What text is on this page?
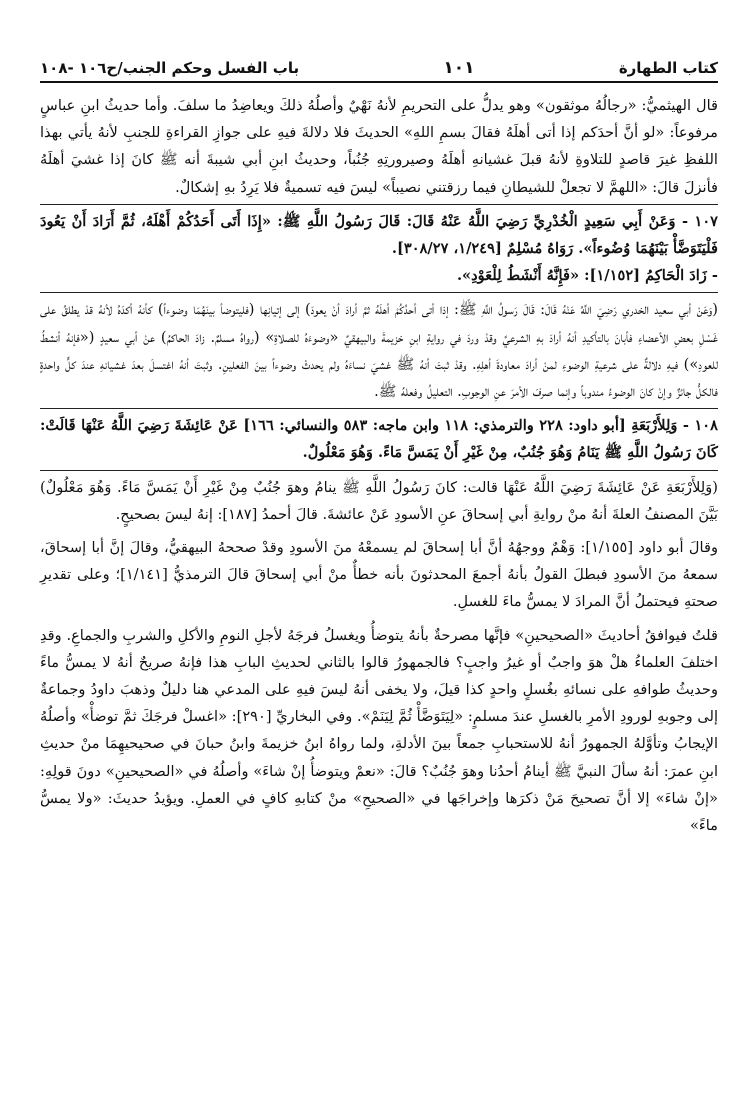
كتاب الطهارة
١٠١
باب الفسل وحكم الجنب/ح١٠٦ -١٠٨

قال الهيثميُّ: «رجالُهُ موثقون» وهو يدلُّ على التحريمِ لأنهُ نَهْيٌ وأصلُهُ ذلكَ ويعاضِدُ ما سلفَ. وأما حديثُ ابنِ عباسٍ مرفوعاً: «لو أنَّ أحدَكم إذا أتى أهلَهُ فقالَ بسمِ اللهِ» الحديثَ فلا دلالةَ فيهِ على جوازِ القراءةِ للجنبِ لأنهُ يأتي بهذا اللفظِ غيرَ قاصدٍ للتلاوةِ لأنهُ قبلَ غشيانهِ أهلَهُ وصيرورتِهِ جُنُباً، وحديثُ ابنِ أبي شيبةَ أنه ﷺ كانَ إذا غشيَ أهلَهُ فأنزلَ قالَ: «اللهمَّ لا تجعلْ للشيطانِ فيما رزقتني نصيباً» ليسَ فيه تسميةٌ فلا يَرِدُ بهِ إشكالٌ.

١٠٧ - وَعَنْ أَبِي سَعِيدٍ الْخُدْرِيِّ رَضِيَ اللَّهُ عَنْهُ قَالَ: قَالَ رَسُولُ اللَّهِ ﷺ: «إِذَا أَتَى أَحَدُكُمْ أَهْلَهُ، ثُمَّ أَرَادَ أَنْ يَعُودَ فَلْيَتَوَضَّأْ بَيْنَهُمَا وُضُوءاً». رَوَاهُ مُسْلِمٌ [١/٢٤٩، ٣٠٨/٢٧].

- زَادَ الْحَاكِمُ [١/١٥٢]: «فَإِنَّهُ أَنْشَطُ لِلْعَوْدِ».

(وَعَنْ أبي سعيد الخدري رَضِيَ اللَّهُ عَنْهُ قَالَ: قَالَ رَسولُ اللَّهِ ﷺ: إذا أتى أحدُكُمْ أهلَهُ ثمَّ أرادَ أنْ يعودَ) إلى إتيانِها (فليتوضأ بينَهُمَا وضوءاً) كأنهُ أكدَهُ لأنهُ قدْ يطلقُ على غَسْلِ بعضِ الأعضاءِ فأبانَ بالتأكيدِ أنهُ أرادَ بهِ الشرعيَّ وقدْ وردَ في روايةِ ابنِ خزيمةَ والبيهقيِّ «وضوءَهُ للصلاةِ» (رواهُ مسلمٌ. زادَ الحاكمُ) عنْ أبي سعيدٍ («فإنهُ أنشطُ للعودِ») فيهِ دلالةٌ على شرعيةِ الوضوءِ لمنْ أرادَ معاودةَ أهلِهِ. وقدْ ثبتَ أنهُ ﷺ غشيَ نساءَهُ ولم يحدثْ وضوءاً بينَ الفعلينِ. وثبتَ أنهُ اغتسلَ بعدَ غشيانهِ عندَ كلٍّ واحدةٍ فالكلُّ جائزٌ وإنْ كانَ الوضوءُ مندوباً وإنما صرفَ الأمرَ عنِ الوجوبِ. التعليلُ وفعلهُ ﷺ.

١٠٨ - وَلِلأَرْبَعَةِ [أبو داود: ٢٢٨ والترمذي: ١١٨ وابن ماجه: ٥٨٣ والنسائي: ١٦٦] عَنْ عَائِشَةَ رَضِيَ اللَّهُ عَنْهَا قَالَتْ: كَانَ رَسُولُ اللَّهِ ﷺ يَنَامُ وَهُوَ جُنُبٌ، مِنْ غَيْرِ أَنْ يَمَسَّ مَاءً. وَهُوَ مَعْلُولٌ.

(وَلِلأَرْبَعَةِ عَنْ عَائِشَةَ رَضِيَ اللَّهُ عَنْهَا قالت: كانَ رَسُولُ اللَّهِ ﷺ ينامُ وهوَ جُنُبٌ مِنْ غَيْرِ أَنْ يَمَسَّ مَاءً. وَهُوَ مَعْلُولٌ) بَيَّنَ المصنفُ العلةَ أنهُ منْ روايةِ أبي إسحاقَ عنِ الأسودِ عَنْ عائشةَ. قالَ أحمدُ [١٨٧]: إنهُ ليسَ بصحيحٍ.

وقالَ أبو داود [١/١٥٥]: وَهْمٌ ووجهُهُ أنَّ أبا إسحاقَ لم يسمعْهُ منَ الأسودِ وقدْ صححهُ البيهقيُّ، وقالَ إنَّ أبا إسحاقَ، سمعهُ منَ الأسودِ فبطلَ القولُ بأنهُ أجمعَ المحدثونَ بأنه خطأٌ منْ أبي إسحاقَ قالَ الترمذيُّ [١/١٤١]؛ وعلى تقديرِ صحتهِ فيحتملُ أنَّ المرادَ لا يمسُّ ماءَ للغسلِ.

قلتُ فيوافقُ أحاديثَ «الصحيحينِ» فإنَّها مصرحةٌ بأنهُ يتوضأُ ويغسلُ فرجَهُ لأجلِ النومِ والأكلِ والشربِ والجماعِ. وقدِ اختلفَ العلماءُ هلْ هوَ واجبٌ أو غيرُ واجبٍ؟ فالجمهورُ قالوا بالثاني لحديثِ البابِ هذا فإنهُ صريحٌ أنهُ لا يمسُّ ماءً وحديثُ طوافهِ على نسائهِ بغُسلٍ واحدٍ كذا قيلَ، ولا يخفى أنهُ ليسَ فيهِ على المدعي هنا دليلٌ وذهبَ داودُ وجماعةٌ إلى وجوبهِ لورودِ الأمرِ بالغسلِ عندَ مسلمٍ: «لِيَتَوَضَّأْ ثُمَّ لِيَنَمْ». وفي البخاريِّ [٢٩٠]: «اغسلْ فرجَكَ ثمَّ توضأْ» وأصلُهُ الإيجابُ وتأوَّلهُ الجمهورُ أنهُ للاستحبابِ جمعاً بينَ الأدلةِ، ولما رواهُ ابنُ خزيمةَ وابنُ حبانَ في صحيحيهِمَا منْ حديثِ ابنِ عمرَ: أنهُ سألَ النبيَّ ﷺ أينامُ أحدُنا وهوَ جُنُبٌ؟ قالَ: «نعمْ ويتوضأُ إنْ شاءَ» وأصلُهُ في «الصحيحينِ» دونَ قولِهِ: «إنْ شاءَ» إلا أنَّ تصحيحَ مَنْ ذكرَها وإخراجَها في «الصحيحِ» منْ كتابهِ كافٍ في العملِ. ويؤيدُ حديثَ: «ولا يمسُّ ماءً»
